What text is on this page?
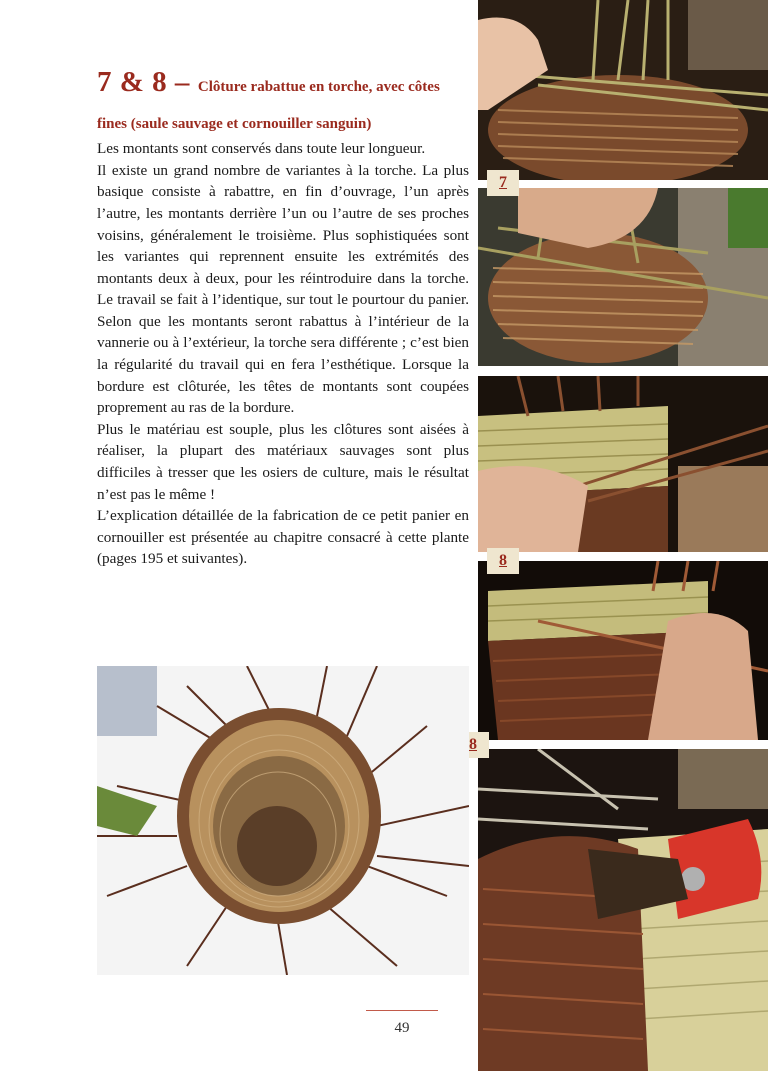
7 & 8 – Clôture rabattue en torche, avec côtes fines (saule sauvage et cornouiller sanguin)

Les montants sont conservés dans toute leur longueur.

Il existe un grand nombre de variantes à la torche. La plus basique consiste à rabattre, en fin d’ouvrage, l’un après l’autre, les montants derrière l’un ou l’autre de ses proches voisins, généralement le troisième. Plus sophistiquées sont les variantes qui reprennent ensuite les extrémités des montants deux à deux, pour les réintroduire dans la torche. Le travail se fait à l’identique, sur tout le pourtour du panier. Selon que les montants seront rabattus à l’intérieur de la vannerie ou à l’extérieur, la torche sera différente ; c’est bien la régularité du travail qui en fera l’esthétique. Lorsque la bordure est clôturée, les têtes de montants sont coupées proprement au ras de la bordure.

Plus le matériau est souple, plus les clôtures sont aisées à réaliser, la plupart des matériaux sauvages sont plus difficiles à tresser que les osiers de culture, mais le résultat n’est pas le même !

L’explication détaillée de la fabrication de ce petit panier en cornouiller est présentée au chapitre consacré à cette plante (pages 195 et suivantes).

7
8
8
49
